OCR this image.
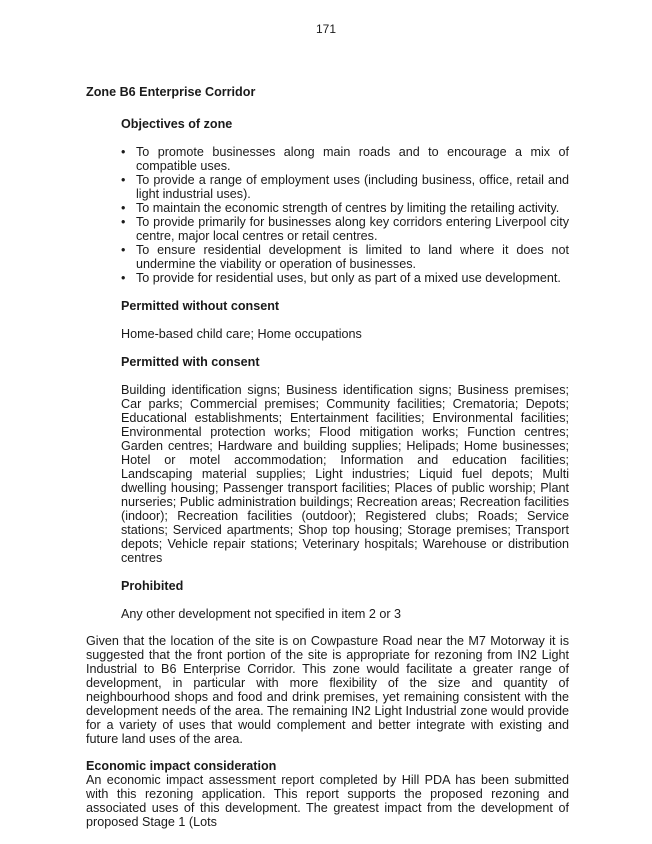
171
Zone B6 Enterprise Corridor
Objectives of zone
• To promote businesses along main roads and to encourage a mix of compatible uses.
• To provide a range of employment uses (including business, office, retail and light industrial uses).
• To maintain the economic strength of centres by limiting the retailing activity.
• To provide primarily for businesses along key corridors entering Liverpool city centre, major local centres or retail centres.
• To ensure residential development is limited to land where it does not undermine the viability or operation of businesses.
• To provide for residential uses, but only as part of a mixed use development.
Permitted without consent

Home-based child care; Home occupations

Permitted with consent

Building identification signs; Business identification signs; Business premises; Car parks; Commercial premises; Community facilities; Crematoria; Depots; Educational establishments; Entertainment facilities; Environmental facilities; Environmental protection works; Flood mitigation works; Function centres; Garden centres; Hardware and building supplies; Helipads; Home businesses; Hotel or motel accommodation; Information and education facilities; Landscaping material supplies; Light industries; Liquid fuel depots; Multi dwelling housing; Passenger transport facilities; Places of public worship; Plant nurseries; Public administration buildings; Recreation areas; Recreation facilities (indoor); Recreation facilities (outdoor); Registered clubs; Roads; Service stations; Serviced apartments; Shop top housing; Storage premises; Transport depots; Vehicle repair stations; Veterinary hospitals; Warehouse or distribution centres

Prohibited

Any other development not specified in item 2 or 3

Given that the location of the site is on Cowpasture Road near the M7 Motorway it is suggested that the front portion of the site is appropriate for rezoning from IN2 Light Industrial to B6 Enterprise Corridor. This zone would facilitate a greater range of development, in particular with more flexibility of the size and quantity of neighbourhood shops and food and drink premises, yet remaining consistent with the development needs of the area. The remaining IN2 Light Industrial zone would provide for a variety of uses that would complement and better integrate with existing and future land uses of the area.

Economic impact consideration

An economic impact assessment report completed by Hill PDA has been submitted with this rezoning application. This report supports the proposed rezoning and associated uses of this development. The greatest impact from the development of proposed Stage 1 (Lots
